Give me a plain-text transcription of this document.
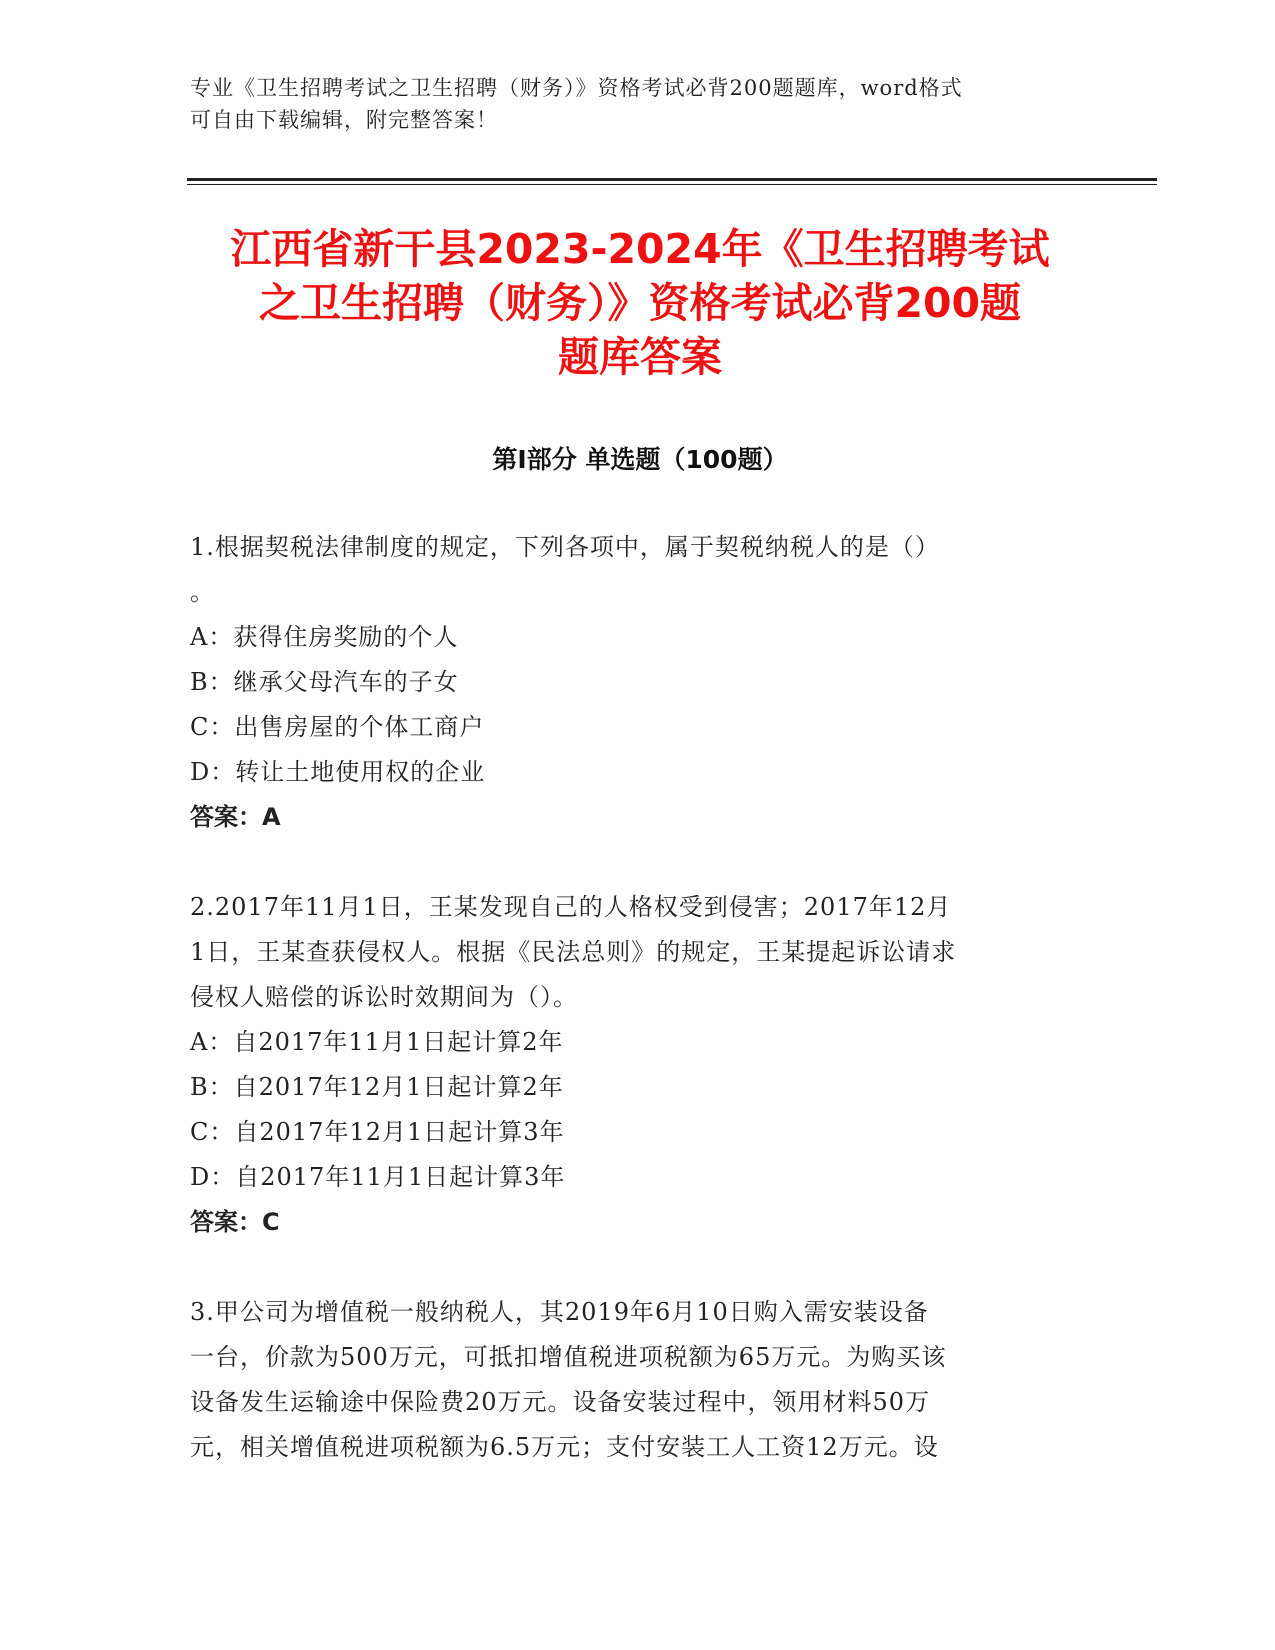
专业《卫生招聘考试之卫生招聘（财务）》资格考试必背200题题库，word格式
可自由下载编辑，附完整答案！
江西省新干县2023-2024年《卫生招聘考试
之卫生招聘（财务）》资格考试必背200题
题库答案
第Ⅰ部分 单选题（100题）
1.根据契税法律制度的规定，下列各项中，属于契税纳税人的是（）
。
A：获得住房奖励的个人
B：继承父母汽车的子女
C：出售房屋的个体工商户
D：转让土地使用权的企业
答案：A
2.2017年11月1日，王某发现自己的人格权受到侵害；2017年12月
1日，王某查获侵权人。根据《民法总则》的规定，王某提起诉讼请求
侵权人赔偿的诉讼时效期间为（）。
A：自2017年11月1日起计算2年
B：自2017年12月1日起计算2年
C：自2017年12月1日起计算3年
D：自2017年11月1日起计算3年
答案：C
3.甲公司为增值税一般纳税人，其2019年6月10日购入需安装设备
一台，价款为500万元，可抵扣增值税进项税额为65万元。为购买该
设备发生运输途中保险费20万元。设备安装过程中，领用材料50万
元，相关增值税进项税额为6.5万元；支付安装工人工资12万元。设
